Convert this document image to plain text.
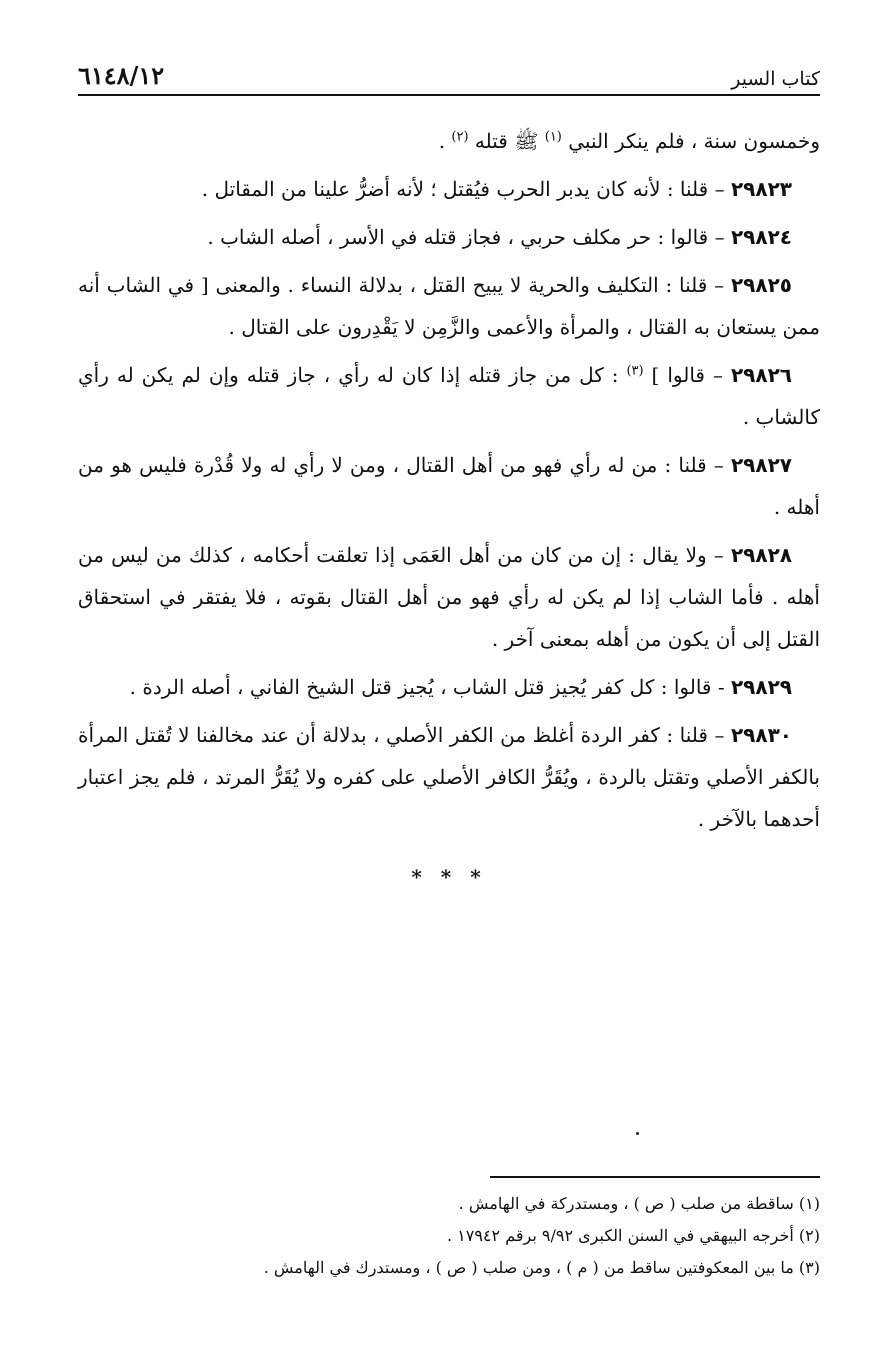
كتاب السير
٦١٤٨/١٢

وخمسون سنة ، فلم ينكر النبي $^{(١)}$ ﷺ قتله $^{(٢)}$ .

٢٩٨٢٣ – قلنا : لأنه كان يدبر الحرب فيُقتل ؛ لأنه أضرُّ علينا من المقاتل .

٢٩٨٢٤ – قالوا : حر مكلف حربي ، فجاز قتله في الأسر ، أصله الشاب .

٢٩٨٢٥ – قلنا : التكليف والحرية لا يبيح القتل ، بدلالة النساء . والمعنى [ في الشاب أنه ممن يستعان به القتال ، والمرأة والأعمى والزَّمِن لا يَقْدِرون على القتال .

٢٩٨٢٦ – قالوا ] $^{(٣)}$ : كل من جاز قتله إذا كان له رأي ، جاز قتله وإن لم يكن له رأي كالشاب .

٢٩٨٢٧ – قلنا : من له رأي فهو من أهل القتال ، ومن لا رأي له ولا قُدْرة فليس هو من أهله .

٢٩٨٢٨ – ولا يقال : إن من كان من أهل العَمَى إذا تعلقت أحكامه ، كذلك من ليس من أهله . فأما الشاب إذا لم يكن له رأي فهو من أهل القتال بقوته ، فلا يفتقر في استحقاق القتل إلى أن يكون من أهله بمعنى آخر .

٢٩٨٢٩ - قالوا : كل كفر يُجيز قتل الشاب ، يُجيز قتل الشيخ الفاني ، أصله الردة .

٢٩٨٣٠ – قلنا : كفر الردة أغلظ من الكفر الأصلي ، بدلالة أن عند مخالفنا لا تُقتل المرأة بالكفر الأصلي وتقتل بالردة ، ويُقَرُّ الكافر الأصلي على كفره ولا يُقَرُّ المرتد ، فلم يجز اعتبار أحدهما بالآخر .

* * *

(١) ساقطة من صلب ( ص ) ، ومستدركة في الهامش .

(٢) أخرجه البيهقي في السنن الكبرى ٩/٩٢ برقم ١٧٩٤٢ .

(٣) ما بين المعكوفتين ساقط من ( م ) ، ومن صلب ( ص ) ، ومستدرك في الهامش .
